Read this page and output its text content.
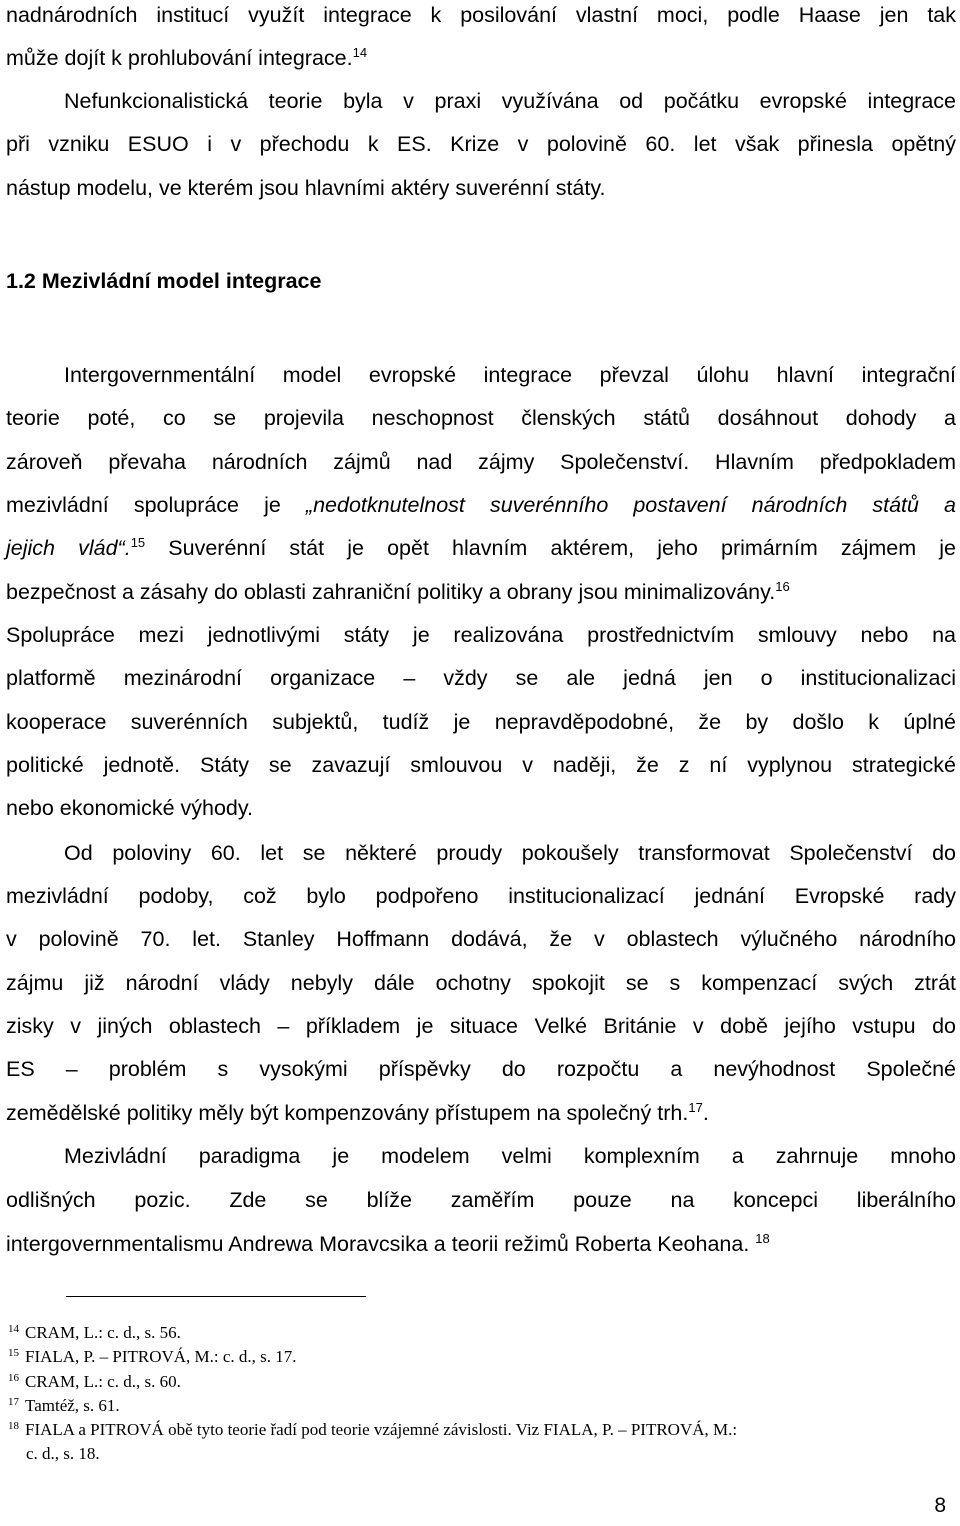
nadnárodních institucí využít integrace k posilování vlastní moci, podle Haase jen tak
může dojít k prohlubování integrace.$^{14}$
Nefunkcionalistická teorie byla v praxi využívána od počátku evropské integrace
při vzniku ESUO i v přechodu k ES. Krize v polovině 60. let však přinesla opětný
nástup modelu, ve kterém jsou hlavními aktéry suverénní státy.
1.2 Mezivládní model integrace
Intergovernmentální model evropské integrace převzal úlohu hlavní integrační
teorie poté, co se projevila neschopnost členských států dosáhnout dohody a
zároveň převaha národních zájmů nad zájmy Společenství. Hlavním předpokladem
mezivládní spolupráce je „nedotknutelnost suverénního postavení národních států a
jejich vlád“.$^{15}$ Suverénní stát je opět hlavním aktérem, jeho primárním zájmem je
bezpečnost a zásahy do oblasti zahraniční politiky a obrany jsou minimalizovány.$^{16}$
Spolupráce mezi jednotlivými státy je realizována prostřednictvím smlouvy nebo na
platformě mezinárodní organizace – vždy se ale jedná jen o institucionalizaci
kooperace suverénních subjektů, tudíž je nepravděpodobné, že by došlo k úplné
politické jednotě. Státy se zavazují smlouvou v naději, že z ní vyplynou strategické
nebo ekonomické výhody.
Od poloviny 60. let se některé proudy pokoušely transformovat Společenství do
mezivládní podoby, což bylo podpořeno institucionalizací jednání Evropské rady
v polovině 70. let. Stanley Hoffmann dodává, že v oblastech výlučného národního
zájmu již národní vlády nebyly dále ochotny spokojit se s kompenzací svých ztrát
zisky v jiných oblastech – příkladem je situace Velké Británie v době jejího vstupu do
ES – problém s vysokými příspěvky do rozpočtu a nevýhodnost Společné
zemědělské politiky měly být kompenzovány přístupem na společný trh.$^{17}$.
Mezivládní paradigma je modelem velmi komplexním a zahrnuje mnoho
odlišných pozic. Zde se blíže zaměřím pouze na koncepci liberálního
intergovernmentalismu Andrewa Moravcsika a teorii režimů Roberta Keohana. $^{18}$
$^{14}$ CRAM, L.: c. d., s. 56.
$^{15}$ FIALA, P. – PITROVÁ, M.: c. d., s. 17.
$^{16}$ CRAM, L.: c. d., s. 60.
$^{17}$ Tamtéž, s. 61.
$^{18}$ FIALA a PITROVÁ obě tyto teorie řadí pod teorie vzájemné závislosti. Viz FIALA, P. – PITROVÁ, M.:
c. d., s. 18.
8
